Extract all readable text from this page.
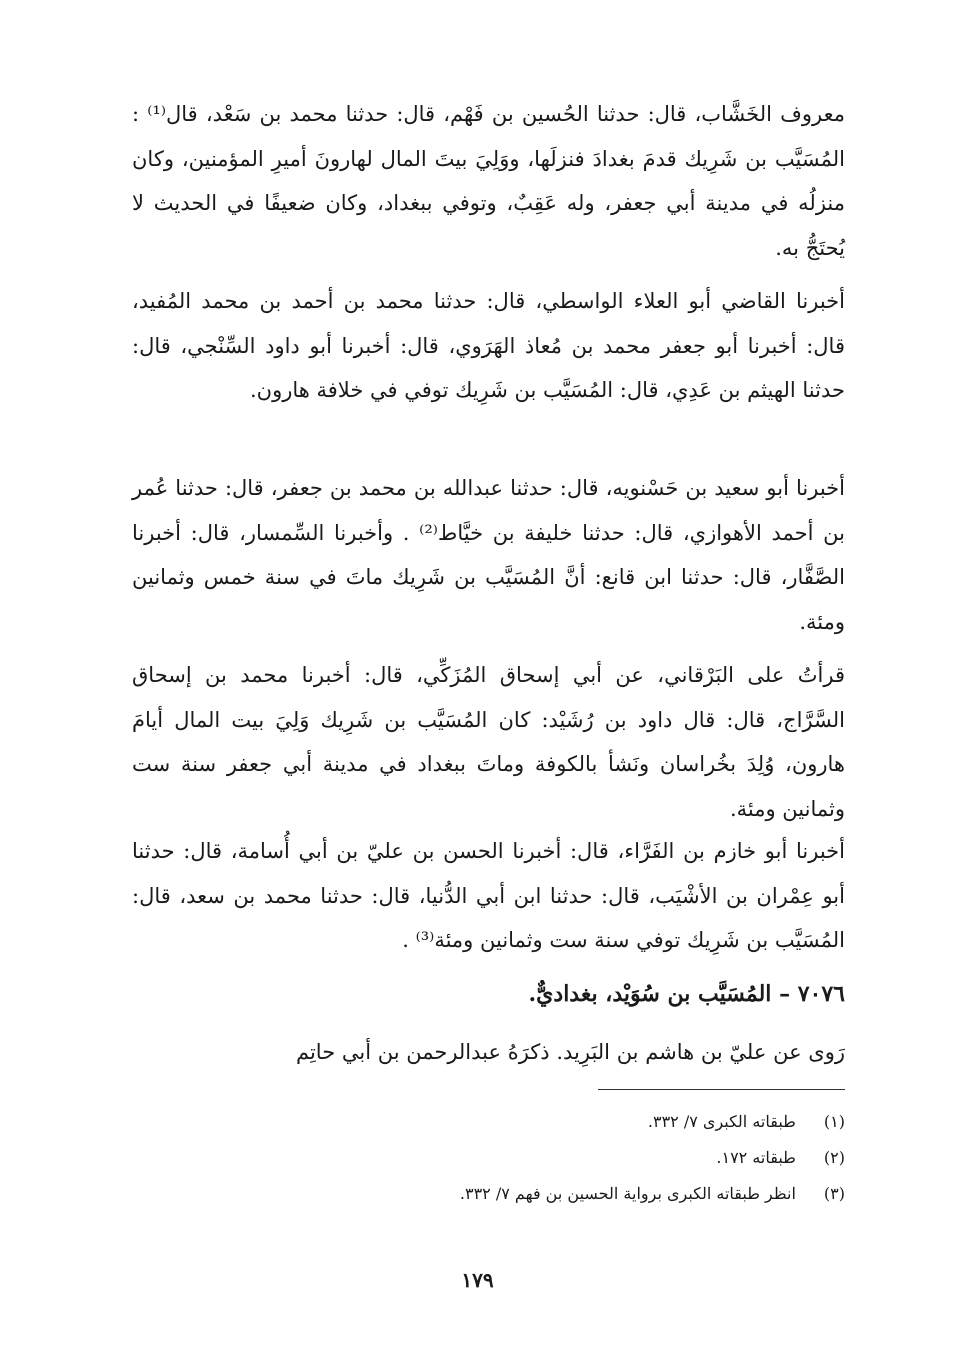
معروف الخَشَّاب، قال: حدثنا الحُسين بن فَهْم، قال: حدثنا محمد بن سَعْد، قال⁽¹⁾ : المُسَيَّب بن شَرِيك قدمَ بغدادَ فنزلَها، ووَلِيَ بيتَ المال لهارونَ أميرِ المؤمنين، وكان منزلُه في مدينة أبي جعفر، وله عَقِبٌ، وتوفي ببغداد، وكان ضعيفًا في الحديث لا يُحتَجُّ به.

أخبرنا القاضي أبو العلاء الواسطي، قال: حدثنا محمد بن أحمد بن محمد المُفيد، قال: أخبرنا أبو جعفر محمد بن مُعاذ الهَرَوي، قال: أخبرنا أبو داود السِّنْجي، قال: حدثنا الهيثم بن عَدِي، قال: المُسَيَّب بن شَرِيك توفي في خلافة هارون.

أخبرنا أبو سعيد بن حَسْنويه، قال: حدثنا عبدالله بن محمد بن جعفر، قال: حدثنا عُمر بن أحمد الأهوازي، قال: حدثنا خليفة بن خيَّاط⁽²⁾ . وأخبرنا السِّمسار، قال: أخبرنا الصَّفَّار، قال: حدثنا ابن قانع: أنَّ المُسَيَّب بن شَرِيك ماتَ في سنة خمس وثمانين ومئة.

قرأتُ على البَرْقاني، عن أبي إسحاق المُزَكِّي، قال: أخبرنا محمد بن إسحاق السَّرَّاج، قال: قال داود بن رُشَيْد: كان المُسَيَّب بن شَرِيك وَلِيَ بيت المال أيامَ هارون، وُلِدَ بخُراسان ونَشأ بالكوفة وماتَ ببغداد في مدينة أبي جعفر سنة ست وثمانين ومئة.

أخبرنا أبو خازم بن الفَرَّاء، قال: أخبرنا الحسن بن عليّ بن أبي أُسامة، قال: حدثنا أبو عِمْران بن الأشْيَب، قال: حدثنا ابن أبي الدُّنيا، قال: حدثنا محمد بن سعد، قال: المُسَيَّب بن شَرِيك توفي سنة ست وثمانين ومئة⁽³⁾ .

٧٠٧٦ – المُسَيَّب بن سُوَيْد، بغداديٌّ.

رَوى عن عليّ بن هاشم بن البَرِيد. ذكرَهُ عبدالرحمن بن أبي حاتِم

(١) طبقاته الكبرى ٧/ ٣٣٢.
(٢) طبقاته ١٧٢.
(٣) انظر طبقاته الكبرى برواية الحسين بن فهم ٧/ ٣٣٢.
١٧٩
